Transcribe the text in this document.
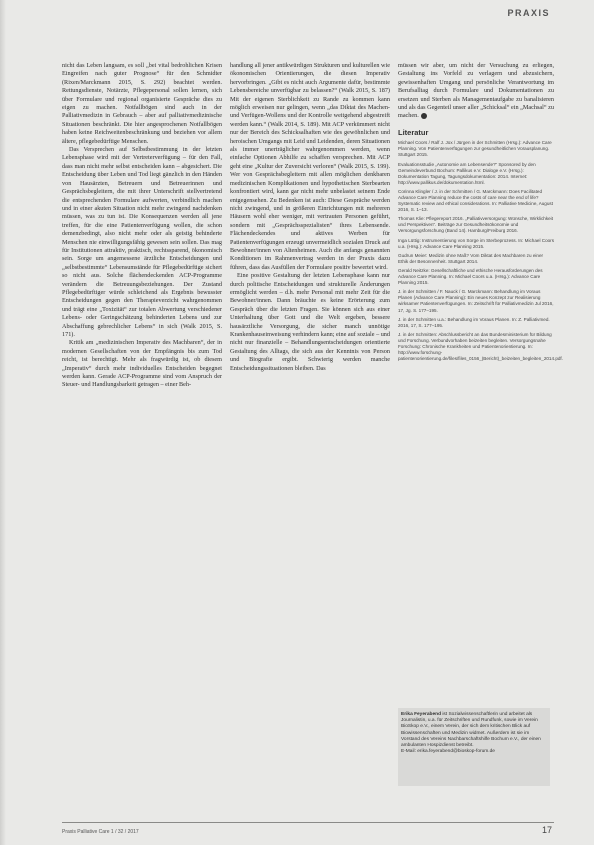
PRAXIS

nicht das Leben langsam, es soll „bei vital bedrohlichen Krisen Eingreifen nach guter Prognose“ für den Schmidter (Rixen/Marckmann 2015, S. 292) beachtet werden. Rettungsdienste, Notärzte, Pflegepersonal sollen lernen, sich über Formulare und regional organisierte Gespräche dies zu eigen zu machen. Notfallbögen sind auch in der Palliativmedizin in Gebrauch – aber auf palliativmedizinische Situationen beschränkt. Die hier angesprochenen Notfallbögen haben keine Reichweitenbeschränkung und beziehen vor allem ältere, pflegebedürftige Menschen.

Das Versprechen auf Selbstbestimmung in der letzten Lebensphase wird mit der Vertreterverfügung – für den Fall, dass man nicht mehr selbst entscheiden kann – abgesichert. Die Entscheidung über Leben und Tod liegt gänzlich in den Händen von Hausärzten, Betreuern und Betreuerinnen und Gesprächsbegleitern, die mit ihrer Unterschrift stellvertretend die entsprechenden Formulare aufwerten, verbindlich machen und in einer akuten Situation nicht mehr zwingend nachdenken müssen, was zu tun ist. Die Konsequenzen werden all jene treffen, für die eine Patientenverfügung wollen, die schon demenzbedingt, also nicht mehr oder als geistig behinderte Menschen nie einwilligungsfähig gewesen sein sollen. Das mag für Institutionen attraktiv, praktisch, rechtssparend, ökonomisch sein. Sorge um angemessene ärztliche Entscheidungen und „selbstbestimmte“ Lebensumstände für Pflegebedürftige sichert so nicht aus. Solche flächendeckenden ACP-Programme verändern die Betreuungsbeziehungen. Der Zustand Pflegebedürftiger würde schleichend als Ergebnis bewusster Entscheidungen gegen den Therapieverzicht wahrgenommen und trägt eine „Toxizität“ zur totalen Abwertung verschiedener Lebens- oder Geringschätzung behinderten Lebens und zur Abschaffung gebrechlicher Lebens“ in sich (Walk 2015, S. 171).

Kritik am „medizinischen Imperativ des Machbaren“, der in modernen Gesellschaften von der Empfängnis bis zum Tod reicht, ist berechtigt. Mehr als fragwürdig ist, ob diesem „Imperativ“ durch mehr individuelles Entscheiden begegnet werden kann. Gerade ACP-Programme sind vom Anspruch der Steuer- und Handlungsbarkeit getragen – einer Beh-

handlung all jener antikwürdigen Strukturen und kulturellen wie ökonomischen Orientierungen, die diesen Imperativ hervorbringen. „Gibt es nicht auch Argumente dafür, bestimmte Lebensbereiche unverfügbar zu belassen?“ (Walk 2015, S. 187) Mit der eigenen Sterblichkeit zu Rande zu kommen kann möglich erweisen nur gelingen, wenn „das Diktat des Machen- und Verfügen-Wollens und der Kontrolle weitgehend abgestreift werden kann.“ (Walk 2014, S. 189). Mit ACP verkümmert nicht nur der Bereich des Schicksalhaften wie des gewöhnlichen und heroischen Umgangs mit Leid und Leidenden, deren Situationen als immer unerträglicher wahrgenommen werden, wenn einfache Optionen Abhilfe zu schaffen versprechen. Mit ACP geht eine „Kultur der Zuversicht verloren“ (Walk 2015, S. 199). Wer von Gesprächsbegleitern mit allen möglichen denkbaren medizinischen Komplikationen und hypothetischen Sterbearten konfrontiert wird, kann gar nicht mehr unbelastet seinem Ende entgegensehen. Zu Bedenken ist auch: Diese Gespräche werden nicht zwingend, und in größeren Einrichtungen mit mehreren Häusern wohl eher weniger, mit vertrauten Personen geführt, sondern mit „Gesprächsspezialisten“ ihres Lebensende. Flächendeckendes und aktives Werben für Patientenverfügungen erzeugt unvermeidlich sozialen Druck auf Bewohner/innen von Altenheimen. Auch die anfangs genannten Konditionen im Rahmenvertrag werden in der Praxis dazu führen, dass das Ausfüllen der Formulare positiv bewertet wird.

Eine positive Gestaltung der letzten Lebensphase kann nur durch politische Entscheidungen und strukturelle Änderungen ermöglicht werden – d.h. mehr Personal mit mehr Zeit für die Bewohner/innen. Dann bräuchte es keine Erörterung zum Gespräch über die letzten Fragen. Sie können sich aus einer Unterhaltung über Gott und die Welt ergeben, bessere hausärztliche Versorgung, die sicher manch unnötige Krankenhauseinweisung verhindern kann; eine auf soziale – und nicht nur finanzielle – Behandlungsentscheidungen orientierte Gestaltung des Alltags, die sich aus der Kenntnis von Person und Biografie ergibt. Schwierig werden manche Entscheidungssituationen bleiben. Das

müssen wir aber, um nicht der Versuchung zu erliegen, Gestaltung ins Vorfeld zu verlagern und abzusichern, gewissenhaften Umgang und persönliche Verantwortung im Berufsalltag durch Formulare und Dokumentationen zu ersetzen und Sterben als Managementaufgabe zu banalisieren und als das Gegenteil unser aller „Schicksal“ ein „Machsal“ zu machen.

Literatur
Michael Coors / Ralf J. Jox / Jürgen in der Schmitten (Hrsg.): Advance Care Planning. Von Patientenverfügungen zur gesundheitlichen Vorausplanung. Stuttgart 2015.
Evaluationsstudie „Autonomie am Lebensende?“ Sponsored by den Gemeindeverbund Bochum: Pallikus e.V. Dialoge e.V. (Hrsg.): Dokumentation Tagung, Tagungsdokumentation: 2014. Internet: http://www.pallikus.de/dokumentation.html.
Corinna Klingler / J. in der Schmitten / G. Marckmann: Does Facilitated Advance Care Planning reduce the costs of care near the end of life? Systematic review and ethical considerations. In: Palliative Medicine, August 2016, S. 1–13.
Thomas Klie: Pflegereport 2016. „Palliativversorgung: Wünsche, Wirklichkeit und Perspektiven“. Beiträge zur Gesundheitsökonomie und Versorgungsforschung (Band 14). Hamburg/Freiburg 2016.
Inga Lüttig: Instrumentierung von Sorge im Sterbeprozess. In: Michael Coors u.a. (Hrsg.): Advance Care Planning 2015.
Gudrun Meier: Medizin ohne Maß? Vom Diktat des Machbaren zu einer Ethik der Besonnenheit. Stuttgart 2014.
Gerald Neitzke: Gesellschaftliche und ethische Herausforderungen des Advance Care Planning. In: Michael Coors u.a. (Hrsg.): Advance Care Planning 2015.
J. in der Schmitten / F. Nauck / G. Marckmann: Behandlung im Voraus Planen (Advance Care Planning): Ein neues Konzept zur Realisierung wirksamer Patientenverfügungen. In: Zeitschrift für Palliativmedizin Jul 2016, 17, Jg. S. 177–195.
J. in der Schmitten u.a.: Behandlung im Voraus Planen. In: Z. Palliativmed. 2016, 17, S. 177–195.
J. in der Schmitten: Abschlussbericht an das Bundesministerium für Bildung und Forschung. Verbundvorhaben beizeiten begleiten. Versorgungsnahe Forschung: Chronische Krankheiten und Patientenorientierung. In: http://www.forschung-patientenorientierung.de/files/files_0156_(Bericht)_beizeiten_begleiten_2014.pdf.
Erika Feyerabend ist Sozialwissenschaftlerin und arbeitet als Journalistin, u.a. für Zeitschriften und Rundfunk, sowie im Verein BioSkop e.V., einem Verein, der sich dem kritischen Blick auf Biowissenschaften und Medizin widmet. Außerdem ist sie im Vorstand des Vereins Nachbarschaftshilfe Bochum e.V., der einen ambulanten Hospizdienst betreibt.
E-Mail: erika.feyerabend@bioskop-forum.de
Praxis Palliative Care 1 / 32 / 2017	17
